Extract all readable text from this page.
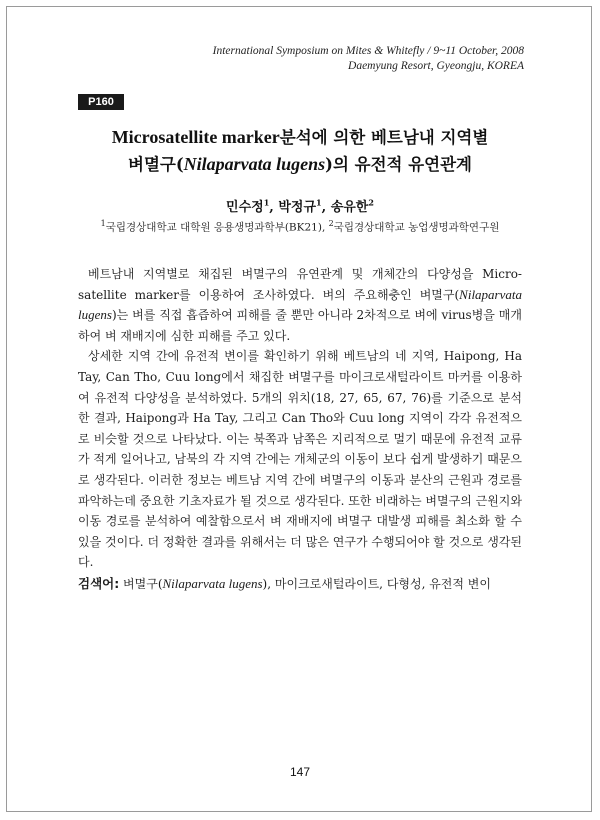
International Symposium on Mites & Whitefly / 9~11 October, 2008
Daemyung Resort, Gyeongju, KOREA
P160
Microsatellite marker분석에 의한 베트남내 지역별
벼멸구(Nilaparvata lugens)의 유전적 유연관계
민수정$^1$, 박정규$^1$, 송유한$^2$
$^1$국립경상대학교 대학원 응용생명과학부(BK21), $^2$국립경상대학교 농업생명과학연구원

베트남내 지역별로 채집된 벼멸구의 유연관계 및 개체간의 다양성을 Micro-satellite marker를 이용하여 조사하였다. 벼의 주요해충인 벼멸구(Nilaparvata lugens)는 벼를 직접 흡즙하여 피해를 줄 뿐만 아니라 2차적으로 벼에 virus병을 매개하여 벼 재배지에 심한 피해를 주고 있다.

상세한 지역 간에 유전적 변이를 확인하기 위해 베트남의 네 지역, Haipong, Ha Tay, Can Tho, Cuu long에서 채집한 벼멸구를 마이크로새털라이트 마커를 이용하여 유전적 다양성을 분석하였다. 5개의 위치(18, 27, 65, 67, 76)를 기준으로 분석한 결과, Haipong과 Ha Tay, 그리고 Can Tho와 Cuu long 지역이 각각 유전적으로 비슷할 것으로 나타났다. 이는 북쪽과 남쪽은 지리적으로 멀기 때문에 유전적 교류가 적게 일어나고, 남북의 각 지역 간에는 개체군의 이동이 보다 쉽게 발생하기 때문으로 생각된다. 이러한 정보는 베트남 지역 간에 벼멸구의 이동과 분산의 근원과 경로를 파악하는데 중요한 기초자료가 될 것으로 생각된다. 또한 비래하는 벼멸구의 근원지와 이동 경로를 분석하여 예찰함으로서 벼 재배지에 벼멸구 대발생 피해를 최소화 할 수 있을 것이다. 더 정확한 결과를 위해서는 더 많은 연구가 수행되어야 할 것으로 생각된다.

검색어: 벼멸구(Nilaparvata lugens), 마이크로새털라이트, 다형성, 유전적 변이
147
